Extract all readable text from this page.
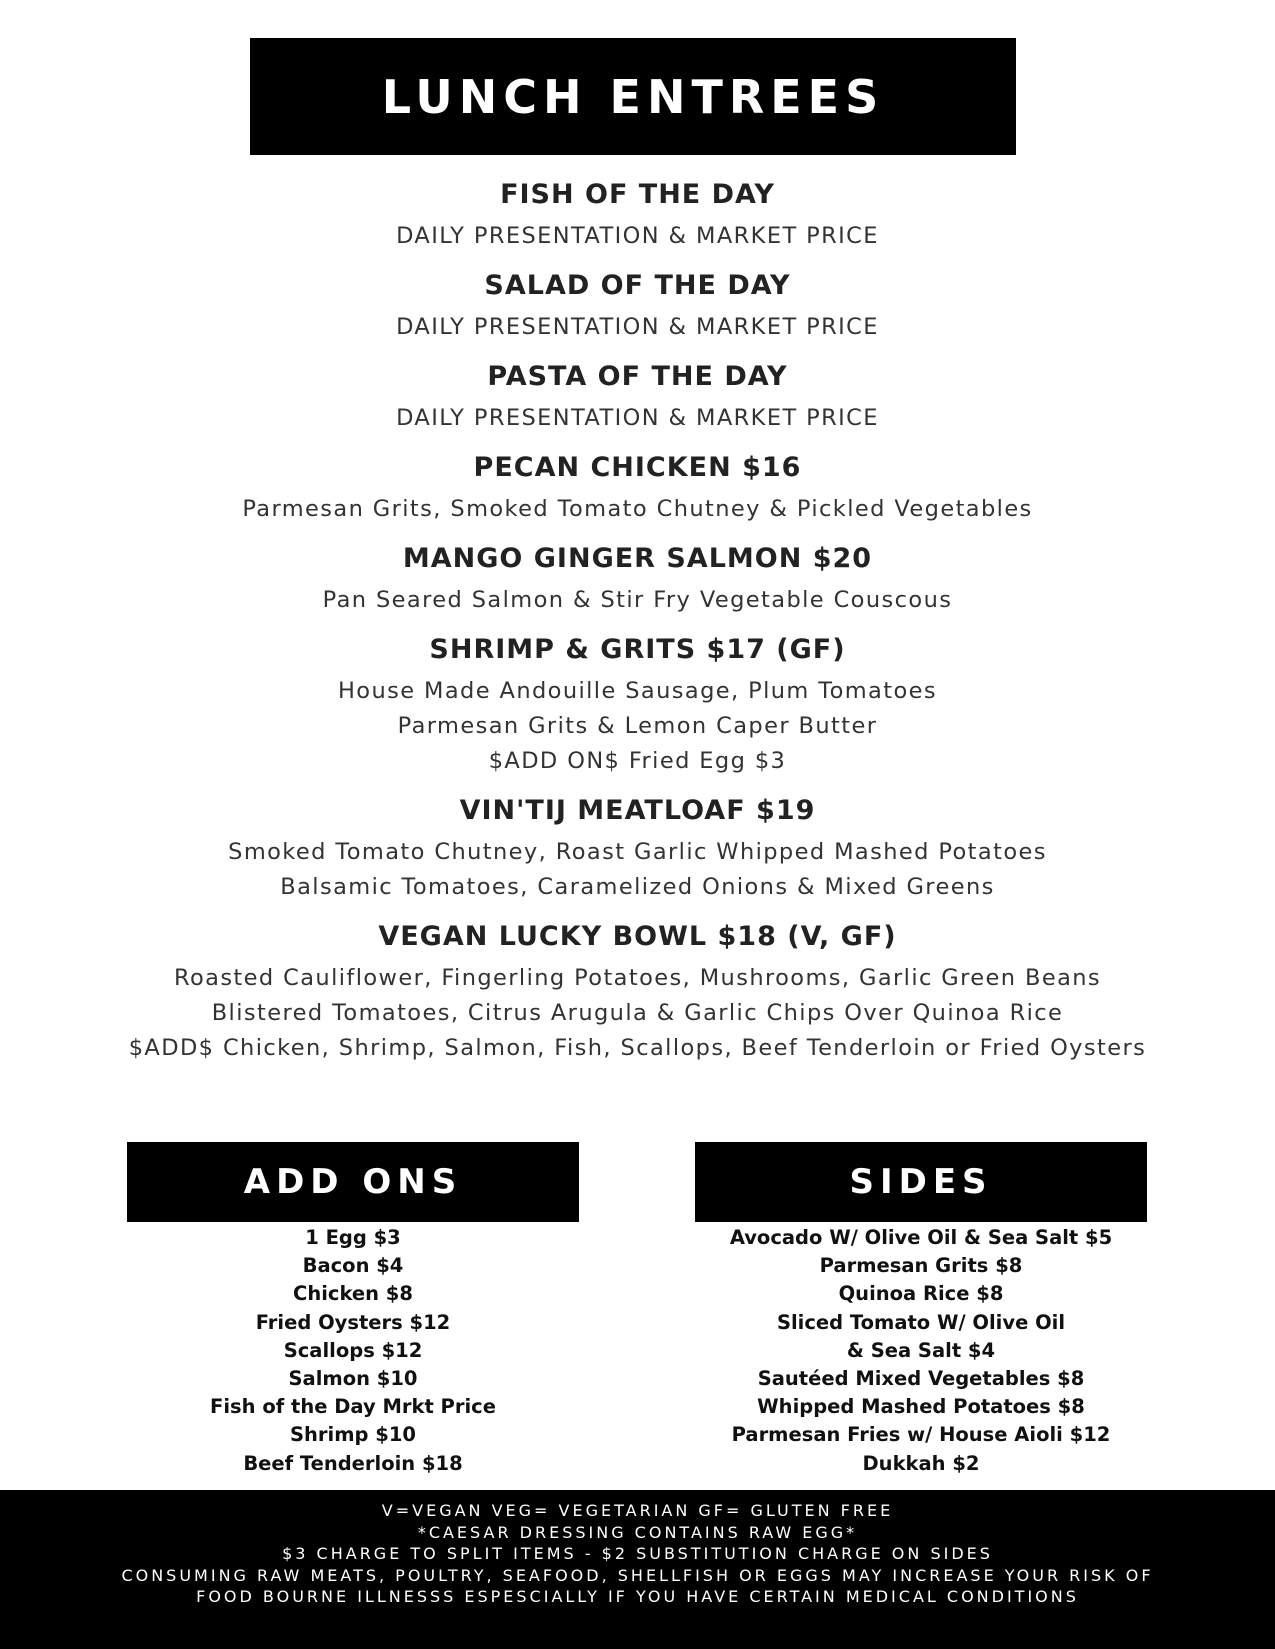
LUNCH ENTREES

FISH OF THE DAY

DAILY PRESENTATION & MARKET PRICE

SALAD OF THE DAY

DAILY PRESENTATION & MARKET PRICE

PASTA OF THE DAY

DAILY PRESENTATION & MARKET PRICE

PECAN CHICKEN $16

Parmesan Grits, Smoked Tomato Chutney & Pickled Vegetables

MANGO GINGER SALMON $20

Pan Seared Salmon & Stir Fry Vegetable Couscous

SHRIMP & GRITS $17 (GF)

House Made Andouille Sausage, Plum Tomatoes

Parmesan Grits & Lemon Caper Butter

$ADD ON$ Fried Egg $3

VIN'TIJ MEATLOAF $19

Smoked Tomato Chutney, Roast Garlic Whipped Mashed Potatoes

Balsamic Tomatoes, Caramelized Onions & Mixed Greens

VEGAN LUCKY BOWL $18 (V, GF)

Roasted Cauliflower, Fingerling Potatoes, Mushrooms, Garlic Green Beans

Blistered Tomatoes, Citrus Arugula & Garlic Chips Over Quinoa Rice

$ADD$ Chicken, Shrimp, Salmon, Fish, Scallops, Beef Tenderloin or Fried Oysters

ADD ONS	SIDES
1 Egg $3
Bacon $4
Chicken $8
Fried Oysters $12
Scallops $12
Salmon $10
Fish of the Day Mrkt Price
Shrimp $10
Beef Tenderloin $18
Avocado W/ Olive Oil & Sea Salt $5
Parmesan Grits $8
Quinoa Rice $8
Sliced Tomato W/ Olive Oil
& Sea Salt $4
Sautéed Mixed Vegetables $8
Whipped Mashed Potatoes $8
Parmesan Fries w/ House Aioli $12
Dukkah $2
V=VEGAN VEG= VEGETARIAN GF= GLUTEN FREE
*CAESAR DRESSING CONTAINS RAW EGG*
$3 CHARGE TO SPLIT ITEMS - $2 SUBSTITUTION CHARGE ON SIDES
CONSUMING RAW MEATS, POULTRY, SEAFOOD, SHELLFISH OR EGGS MAY INCREASE YOUR RISK OF
FOOD BOURNE ILLNESSS ESPESCIALLY IF YOU HAVE CERTAIN MEDICAL CONDITIONS
